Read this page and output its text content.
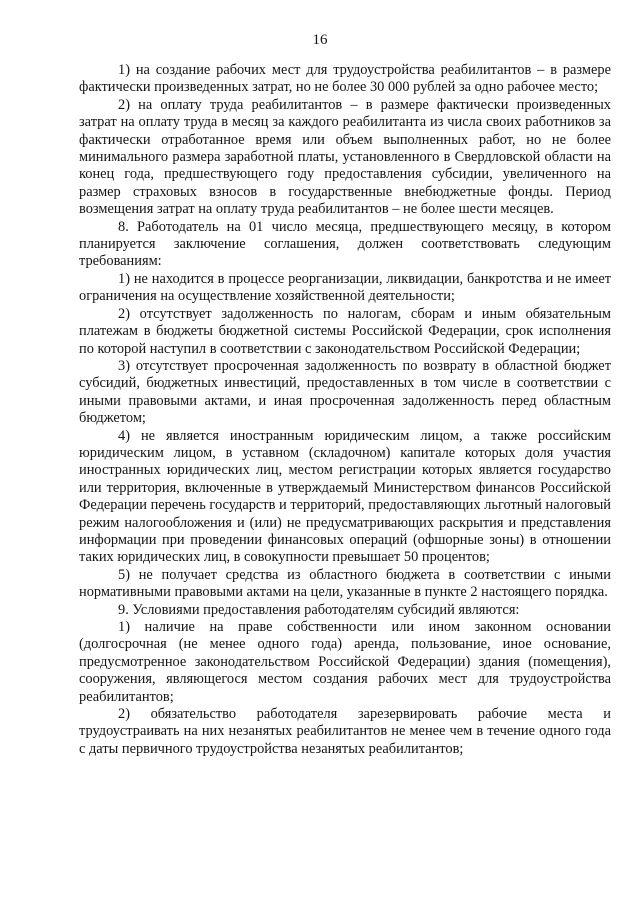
16

1) на создание рабочих мест для трудоустройства реабилитантов – в размере фактически произведенных затрат, но не более 30 000 рублей за одно рабочее место;

2) на оплату труда реабилитантов – в размере фактически произведенных затрат на оплату труда в месяц за каждого реабилитанта из числа своих работников за фактически отработанное время или объем выполненных работ, но не более минимального размера заработной платы, установленного в Свердловской области на конец года, предшествующего году предоставления субсидии, увеличенного на размер страховых взносов в государственные внебюджетные фонды. Период возмещения затрат на оплату труда реабилитантов – не более шести месяцев.

8. Работодатель на 01 число месяца, предшествующего месяцу, в котором планируется заключение соглашения, должен соответствовать следующим требованиям:

1) не находится в процессе реорганизации, ликвидации, банкротства и не имеет ограничения на осуществление хозяйственной деятельности;

2) отсутствует задолженность по налогам, сборам и иным обязательным платежам в бюджеты бюджетной системы Российской Федерации, срок исполнения по которой наступил в соответствии с законодательством Российской Федерации;

3) отсутствует просроченная задолженность по возврату в областной бюджет субсидий, бюджетных инвестиций, предоставленных в том числе в соответствии с иными правовыми актами, и иная просроченная задолженность перед областным бюджетом;

4) не является иностранным юридическим лицом, а также российским юридическим лицом, в уставном (складочном) капитале которых доля участия иностранных юридических лиц, местом регистрации которых является государство или территория, включенные в утверждаемый Министерством финансов Российской Федерации перечень государств и территорий, предоставляющих льготный налоговый режим налогообложения и (или) не предусматривающих раскрытия и представления информации при проведении финансовых операций (офшорные зоны) в отношении таких юридических лиц, в совокупности превышает 50 процентов;

5) не получает средства из областного бюджета в соответствии с иными нормативными правовыми актами на цели, указанные в пункте 2 настоящего порядка.

9. Условиями предоставления работодателям субсидий являются:

1) наличие на праве собственности или ином законном основании (долгосрочная (не менее одного года) аренда, пользование, иное основание, предусмотренное законодательством Российской Федерации) здания (помещения), сооружения, являющегося местом создания рабочих мест для трудоустройства реабилитантов;

2) обязательство работодателя зарезервировать рабочие места и трудоустраивать на них незанятых реабилитантов не менее чем в течение одного года с даты первичного трудоустройства незанятых реабилитантов;
